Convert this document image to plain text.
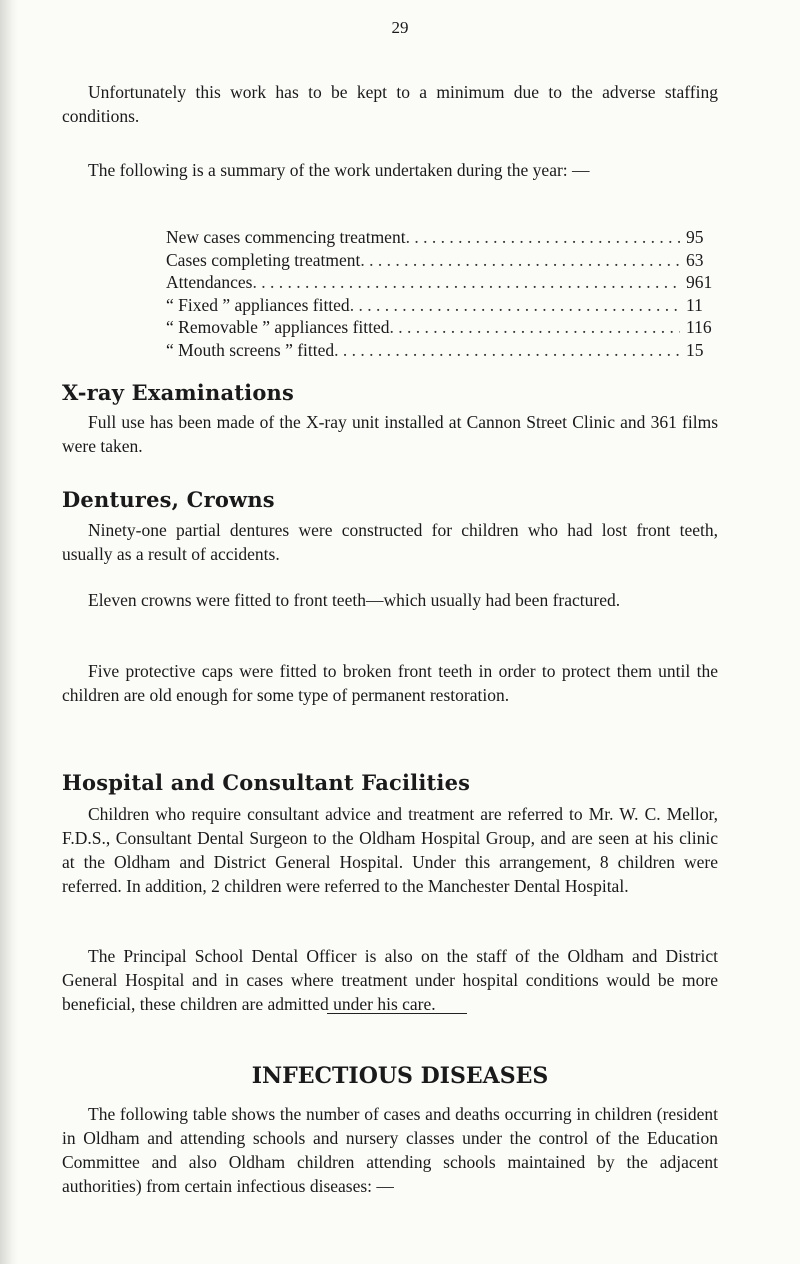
29

Unfortunately this work has to be kept to a minimum due to the adverse staffing conditions.

The following is a summary of the work undertaken during the year: —

New cases commencing treatment . . .	95
Cases completing treatment . . .	63
Attendances . . .	961
“ Fixed ” appliances fitted . . .	11
“ Removable ” appliances fitted . . .	116
“ Mouth screens ” fitted . . .	15
X-ray Examinations

Full use has been made of the X-ray unit installed at Cannon Street Clinic and 361 films were taken.

Dentures, Crowns

Ninety-one partial dentures were constructed for children who had lost front teeth, usually as a result of accidents.

Eleven crowns were fitted to front teeth—which usually had been fractured.

Five protective caps were fitted to broken front teeth in order to protect them until the children are old enough for some type of permanent restoration.

Hospital and Consultant Facilities

Children who require consultant advice and treatment are referred to Mr. W. C. Mellor, F.D.S., Consultant Dental Surgeon to the Oldham Hospital Group, and are seen at his clinic at the Oldham and District General Hospital. Under this arrangement, 8 children were referred. In addition, 2 children were referred to the Manchester Dental Hospital.

The Principal School Dental Officer is also on the staff of the Oldham and District General Hospital and in cases where treatment under hospital conditions would be more beneficial, these children are admitted under his care.

INFECTIOUS DISEASES

The following table shows the number of cases and deaths occurring in children (resident in Oldham and attending schools and nursery classes under the control of the Education Committee and also Oldham children attending schools maintained by the adjacent authorities) from certain infectious diseases: —
